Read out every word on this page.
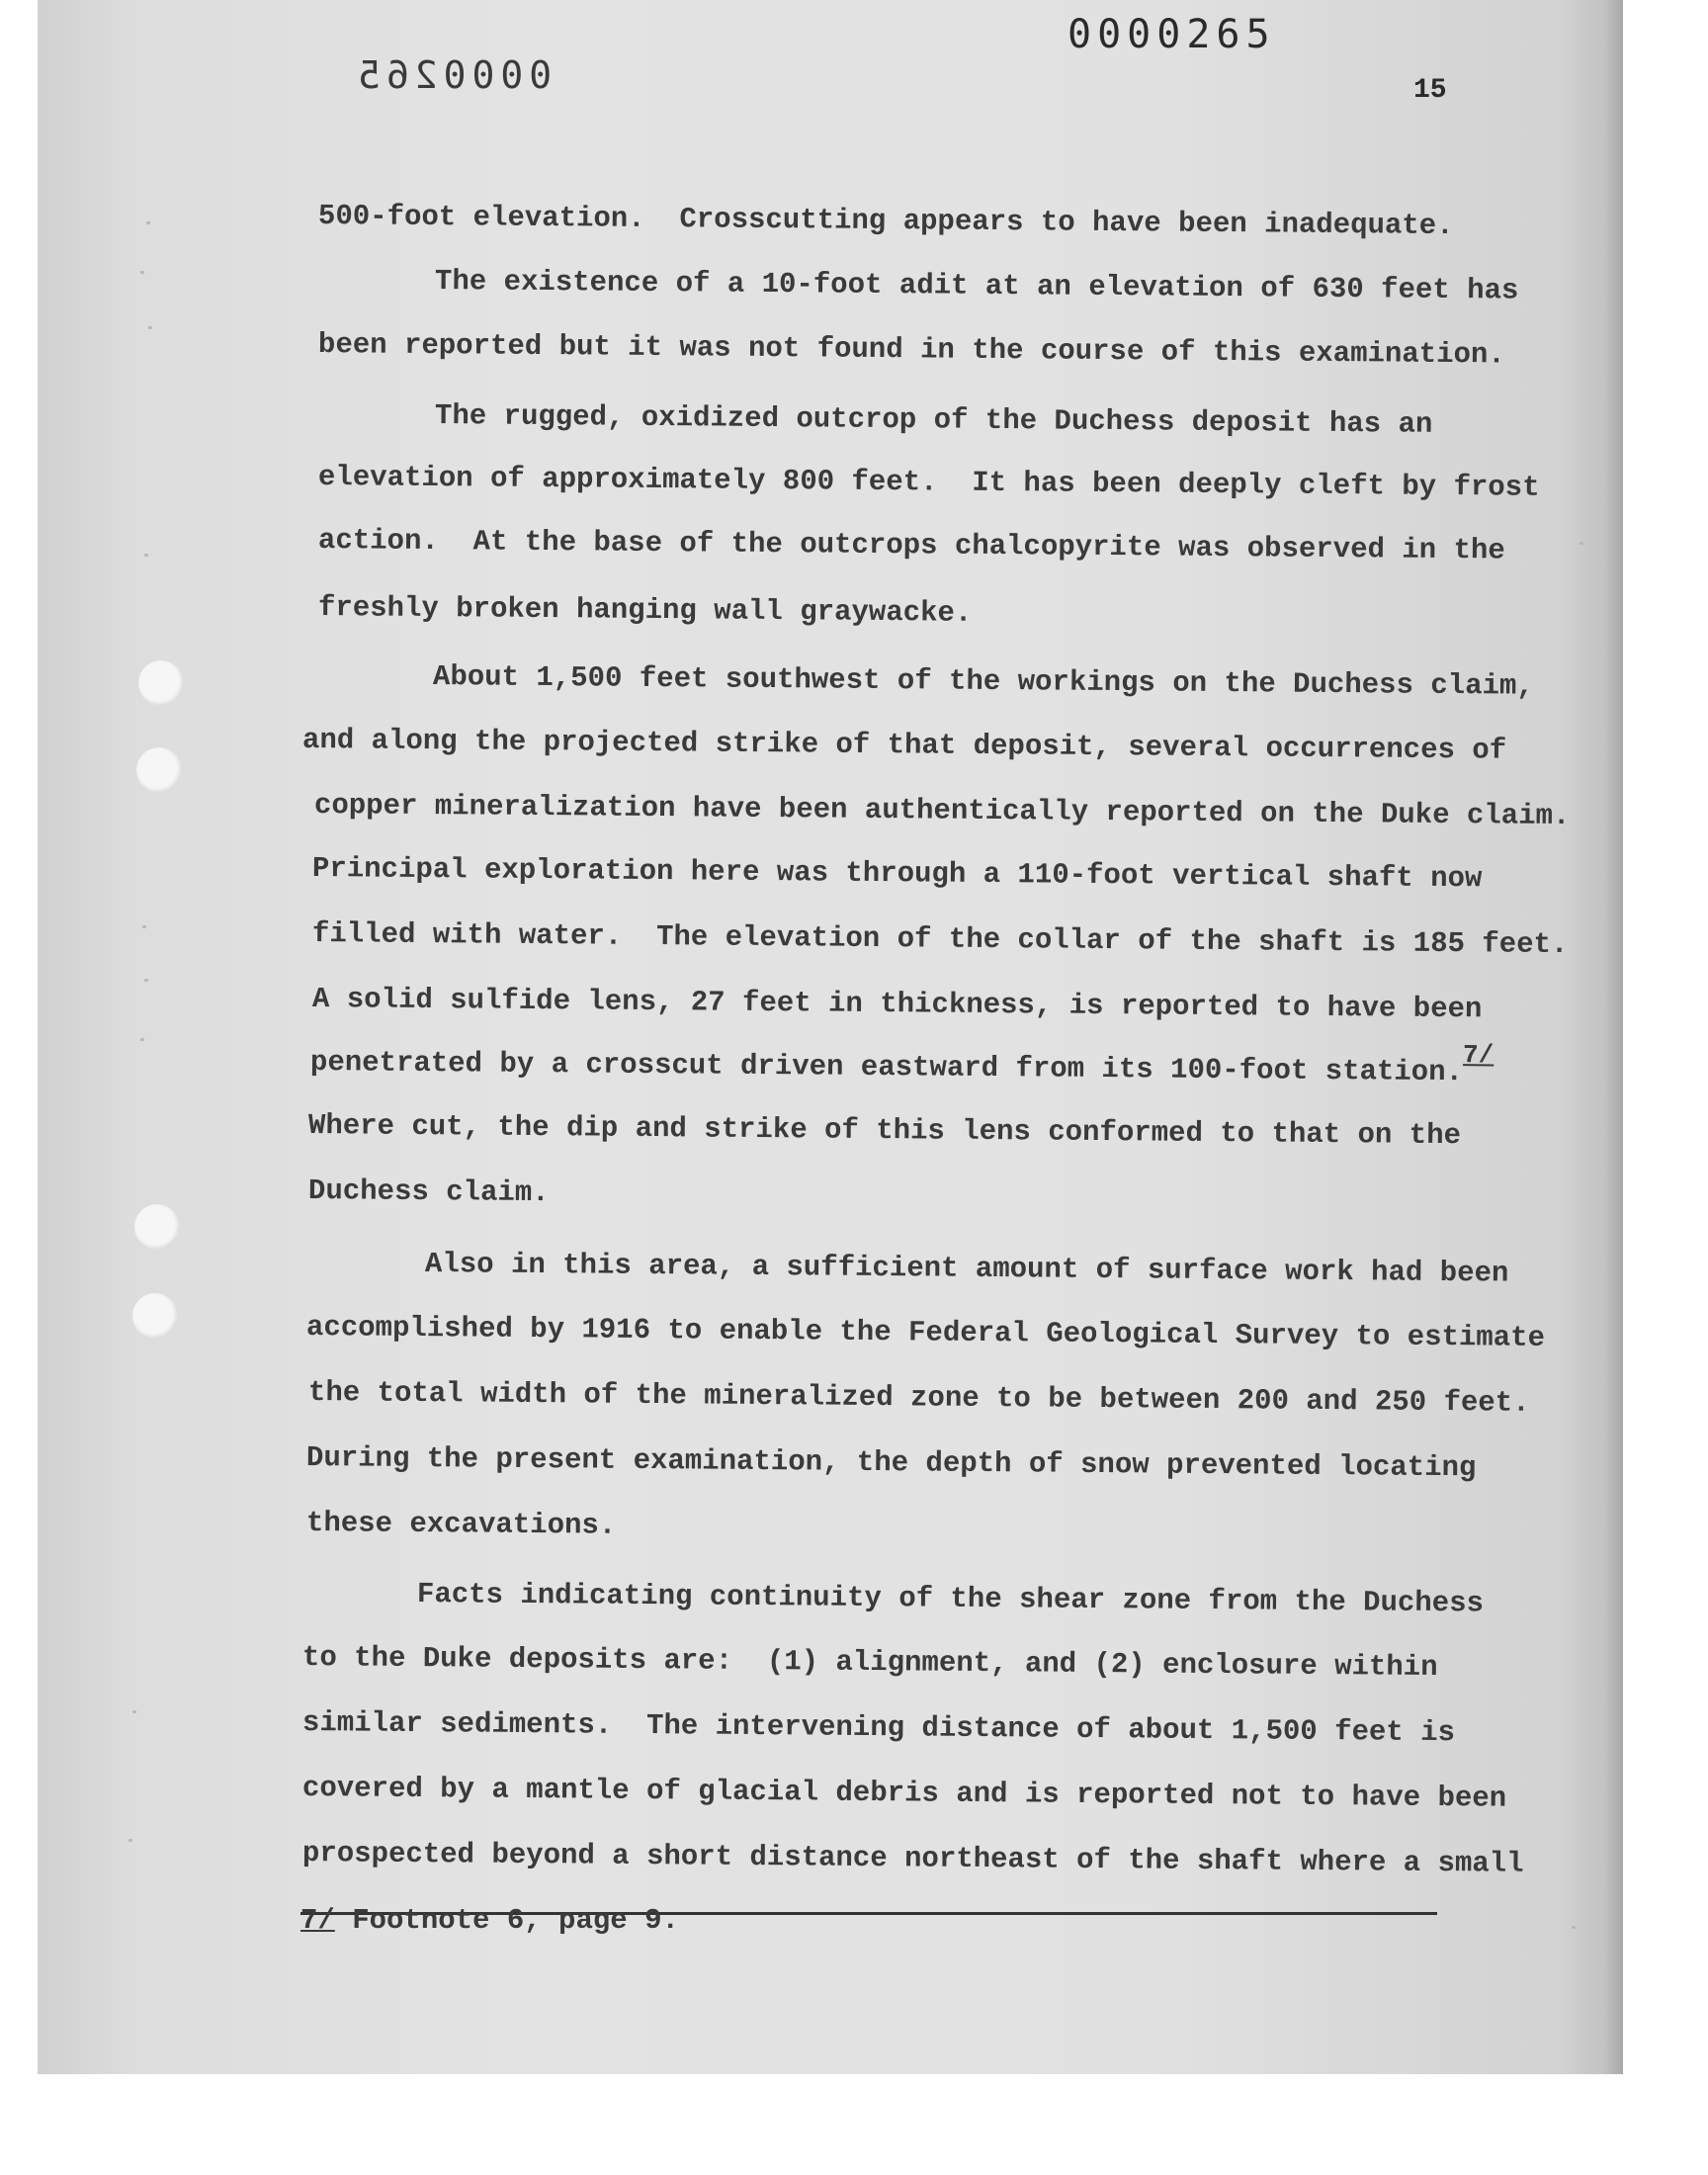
0000265
0000265	15
500-foot elevation.  Crosscutting appears to have been inadequate.
The existence of a 10-foot adit at an elevation of 630 feet has
been reported but it was not found in the course of this examination.
The rugged, oxidized outcrop of the Duchess deposit has an
elevation of approximately 800 feet.  It has been deeply cleft by frost
action.  At the base of the outcrops chalcopyrite was observed in the
freshly broken hanging wall graywacke.
About 1,500 feet southwest of the workings on the Duchess claim,
and along the projected strike of that deposit, several occurrences of
copper mineralization have been authentically reported on the Duke claim.
Principal exploration here was through a 110-foot vertical shaft now
filled with water.  The elevation of the collar of the shaft is 185 feet.
A solid sulfide lens, 27 feet in thickness, is reported to have been
penetrated by a crosscut driven eastward from its 100-foot station.7/
Where cut, the dip and strike of this lens conformed to that on the
Duchess claim.
Also in this area, a sufficient amount of surface work had been
accomplished by 1916 to enable the Federal Geological Survey to estimate
the total width of the mineralized zone to be between 200 and 250 feet.
During the present examination, the depth of snow prevented locating
these excavations.
Facts indicating continuity of the shear zone from the Duchess
to the Duke deposits are:  (1) alignment, and (2) enclosure within
similar sediments.  The intervening distance of about 1,500 feet is
covered by a mantle of glacial debris and is reported not to have been
prospected beyond a short distance northeast of the shaft where a small
7/ Footnote 6, page 9.
